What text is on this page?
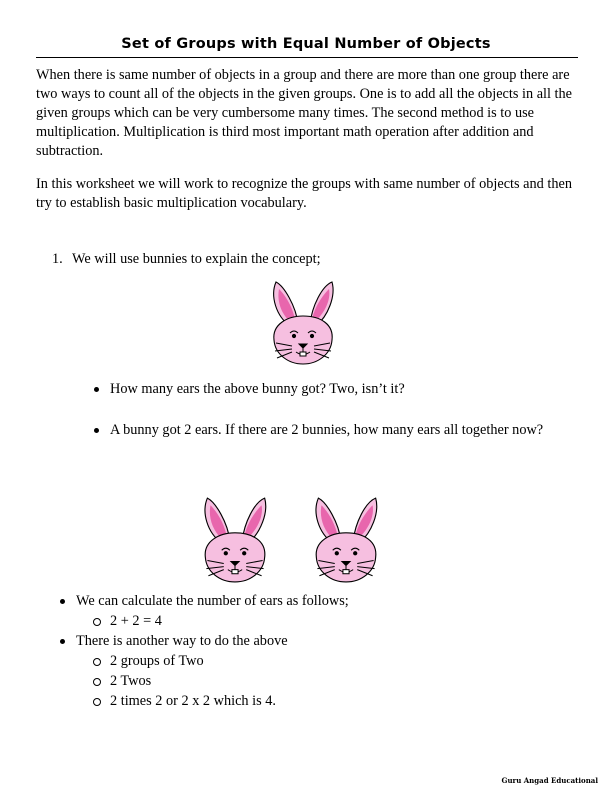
Set of Groups with Equal Number of Objects

When there is same number of objects in a group and there are more than one group there are two ways to count all of the objects in the given groups. One is to add all the objects in all the given groups which can be very cumbersome many times. The second method is to use multiplication. Multiplication is third most important math operation after addition and subtraction.

In this worksheet we will work to recognize the groups with same number of objects and then try to establish basic multiplication vocabulary.

1. We will use bunnies to explain the concept;
How many ears the above bunny got? Two, isn’t it?
A bunny got 2 ears. If there are 2 bunnies, how many ears all together now?
We can calculate the number of ears as follows;
2 + 2 = 4
There is another way to do the above
2 groups of Two
2 Twos
2 times 2 or 2 x 2 which is 4.
Guru Angad Educational
